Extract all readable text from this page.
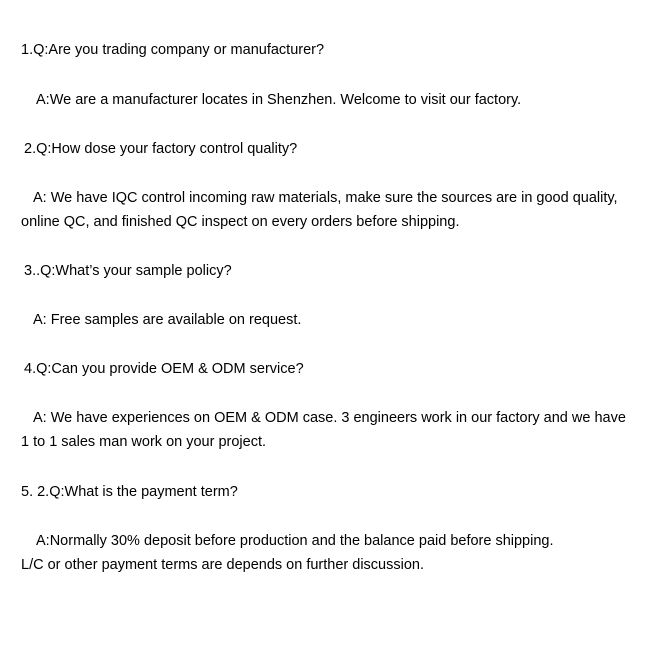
1.Q:Are you trading company or manufacturer?
A:We are a manufacturer locates in Shenzhen. Welcome to visit our factory.
2.Q:How dose your factory control quality?
A: We have IQC control incoming raw materials, make sure the sources are in good quality,
online QC, and finished QC inspect on every orders before shipping.
3..Q:What’s your sample policy?
A: Free samples are available on request.
4.Q:Can you provide OEM & ODM service?
A: We have experiences on OEM & ODM case. 3 engineers work in our factory and we have
1 to 1 sales man work on your project.
5. 2.Q:What is the payment term?
A:Normally 30% deposit before production and the balance paid before shipping.
L/C or other payment terms are depends on further discussion.
